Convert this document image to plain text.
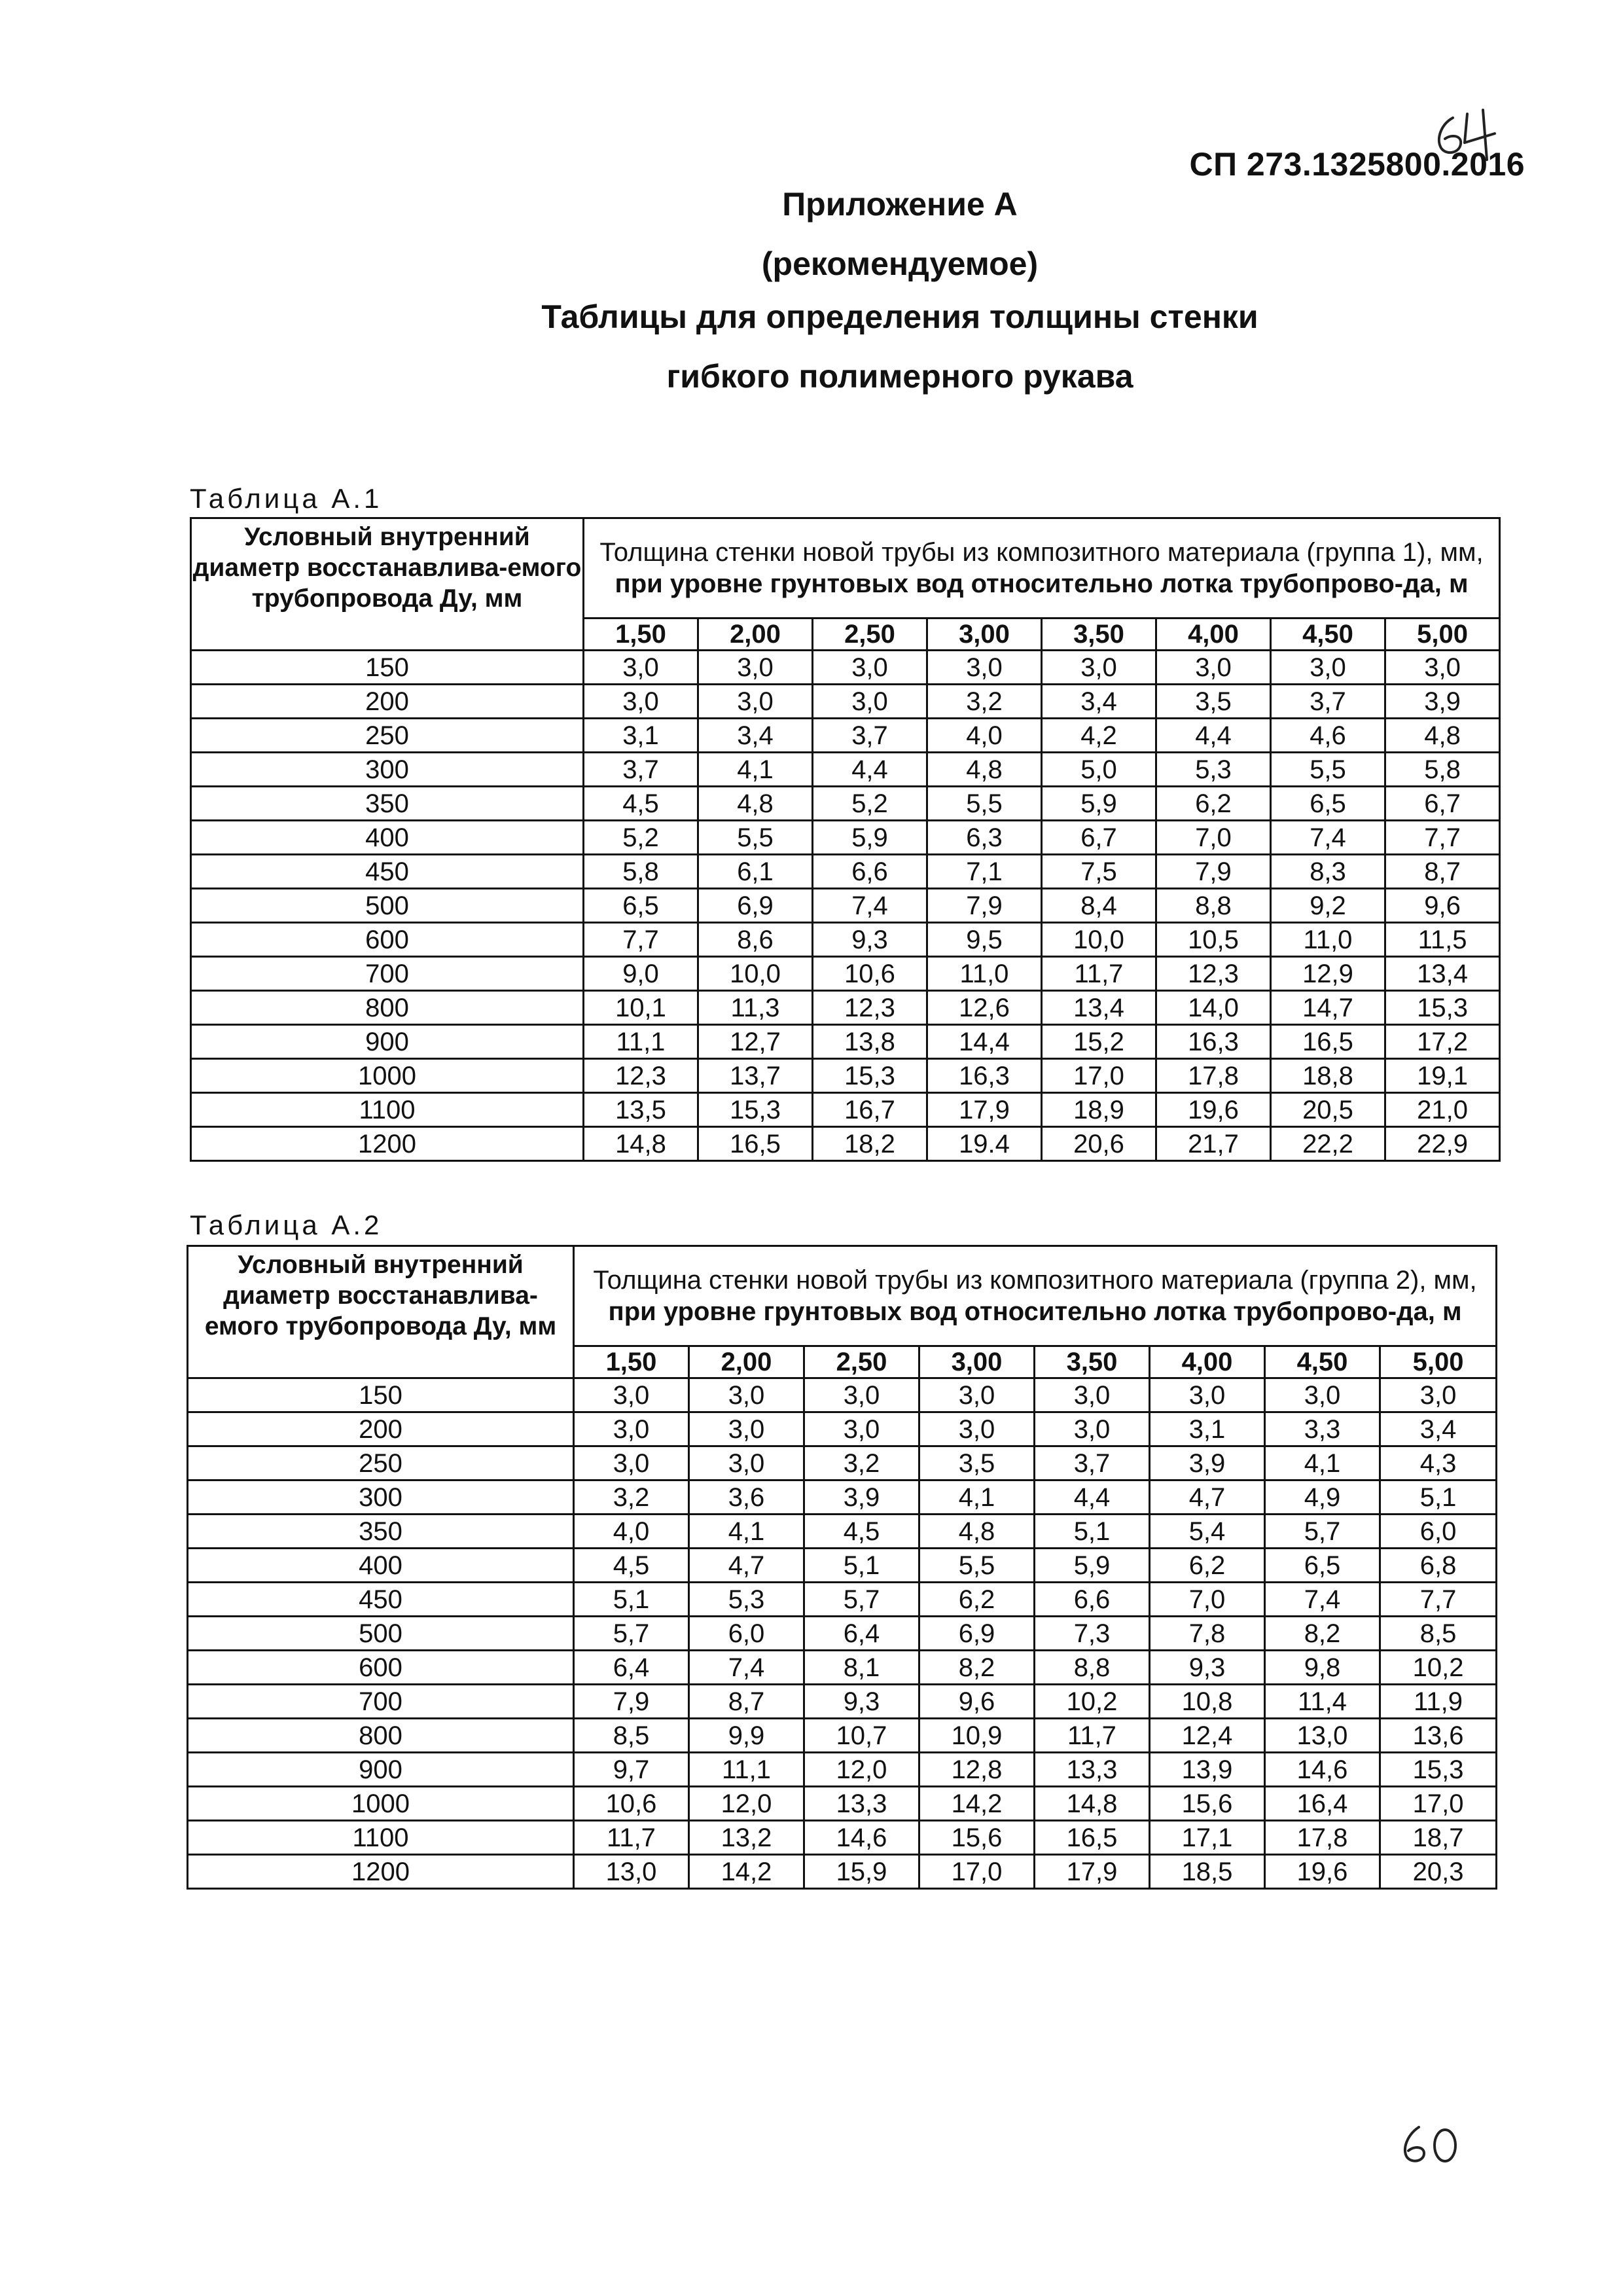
СП 273.1325800.2016
Приложение А
(рекомендуемое)
Таблицы для определения толщины стенки
гибкого полимерного рукава
Таблица А.1
Условный внутренний диаметр восстанавлива-емого трубопровода Ду, мм	Толщина стенки новой трубы из композитного материала (группа 1), мм, при уровне грунтовых вод относительно лотка трубопрово-да, м							
	1,50	2,00	2,50	3,00	3,50	4,00	4,50	5,00
150	3,0	3,0	3,0	3,0	3,0	3,0	3,0	3,0
200	3,0	3,0	3,0	3,2	3,4	3,5	3,7	3,9
250	3,1	3,4	3,7	4,0	4,2	4,4	4,6	4,8
300	3,7	4,1	4,4	4,8	5,0	5,3	5,5	5,8
350	4,5	4,8	5,2	5,5	5,9	6,2	6,5	6,7
400	5,2	5,5	5,9	6,3	6,7	7,0	7,4	7,7
450	5,8	6,1	6,6	7,1	7,5	7,9	8,3	8,7
500	6,5	6,9	7,4	7,9	8,4	8,8	9,2	9,6
600	7,7	8,6	9,3	9,5	10,0	10,5	11,0	11,5
700	9,0	10,0	10,6	11,0	11,7	12,3	12,9	13,4
800	10,1	11,3	12,3	12,6	13,4	14,0	14,7	15,3
900	11,1	12,7	13,8	14,4	15,2	16,3	16,5	17,2
1000	12,3	13,7	15,3	16,3	17,0	17,8	18,8	19,1
1100	13,5	15,3	16,7	17,9	18,9	19,6	20,5	21,0
1200	14,8	16,5	18,2	19.4	20,6	21,7	22,2	22,9
Таблица А.2
Условный внутренний диаметр восстанавлива-емого трубопровода Ду, мм	Толщина стенки новой трубы из композитного материала (группа 2), мм, при уровне грунтовых вод относительно лотка трубопрово-да, м							
	1,50	2,00	2,50	3,00	3,50	4,00	4,50	5,00
150	3,0	3,0	3,0	3,0	3,0	3,0	3,0	3,0
200	3,0	3,0	3,0	3,0	3,0	3,1	3,3	3,4
250	3,0	3,0	3,2	3,5	3,7	3,9	4,1	4,3
300	3,2	3,6	3,9	4,1	4,4	4,7	4,9	5,1
350	4,0	4,1	4,5	4,8	5,1	5,4	5,7	6,0
400	4,5	4,7	5,1	5,5	5,9	6,2	6,5	6,8
450	5,1	5,3	5,7	6,2	6,6	7,0	7,4	7,7
500	5,7	6,0	6,4	6,9	7,3	7,8	8,2	8,5
600	6,4	7,4	8,1	8,2	8,8	9,3	9,8	10,2
700	7,9	8,7	9,3	9,6	10,2	10,8	11,4	11,9
800	8,5	9,9	10,7	10,9	11,7	12,4	13,0	13,6
900	9,7	11,1	12,0	12,8	13,3	13,9	14,6	15,3
1000	10,6	12,0	13,3	14,2	14,8	15,6	16,4	17,0
1100	11,7	13,2	14,6	15,6	16,5	17,1	17,8	18,7
1200	13,0	14,2	15,9	17,0	17,9	18,5	19,6	20,3
